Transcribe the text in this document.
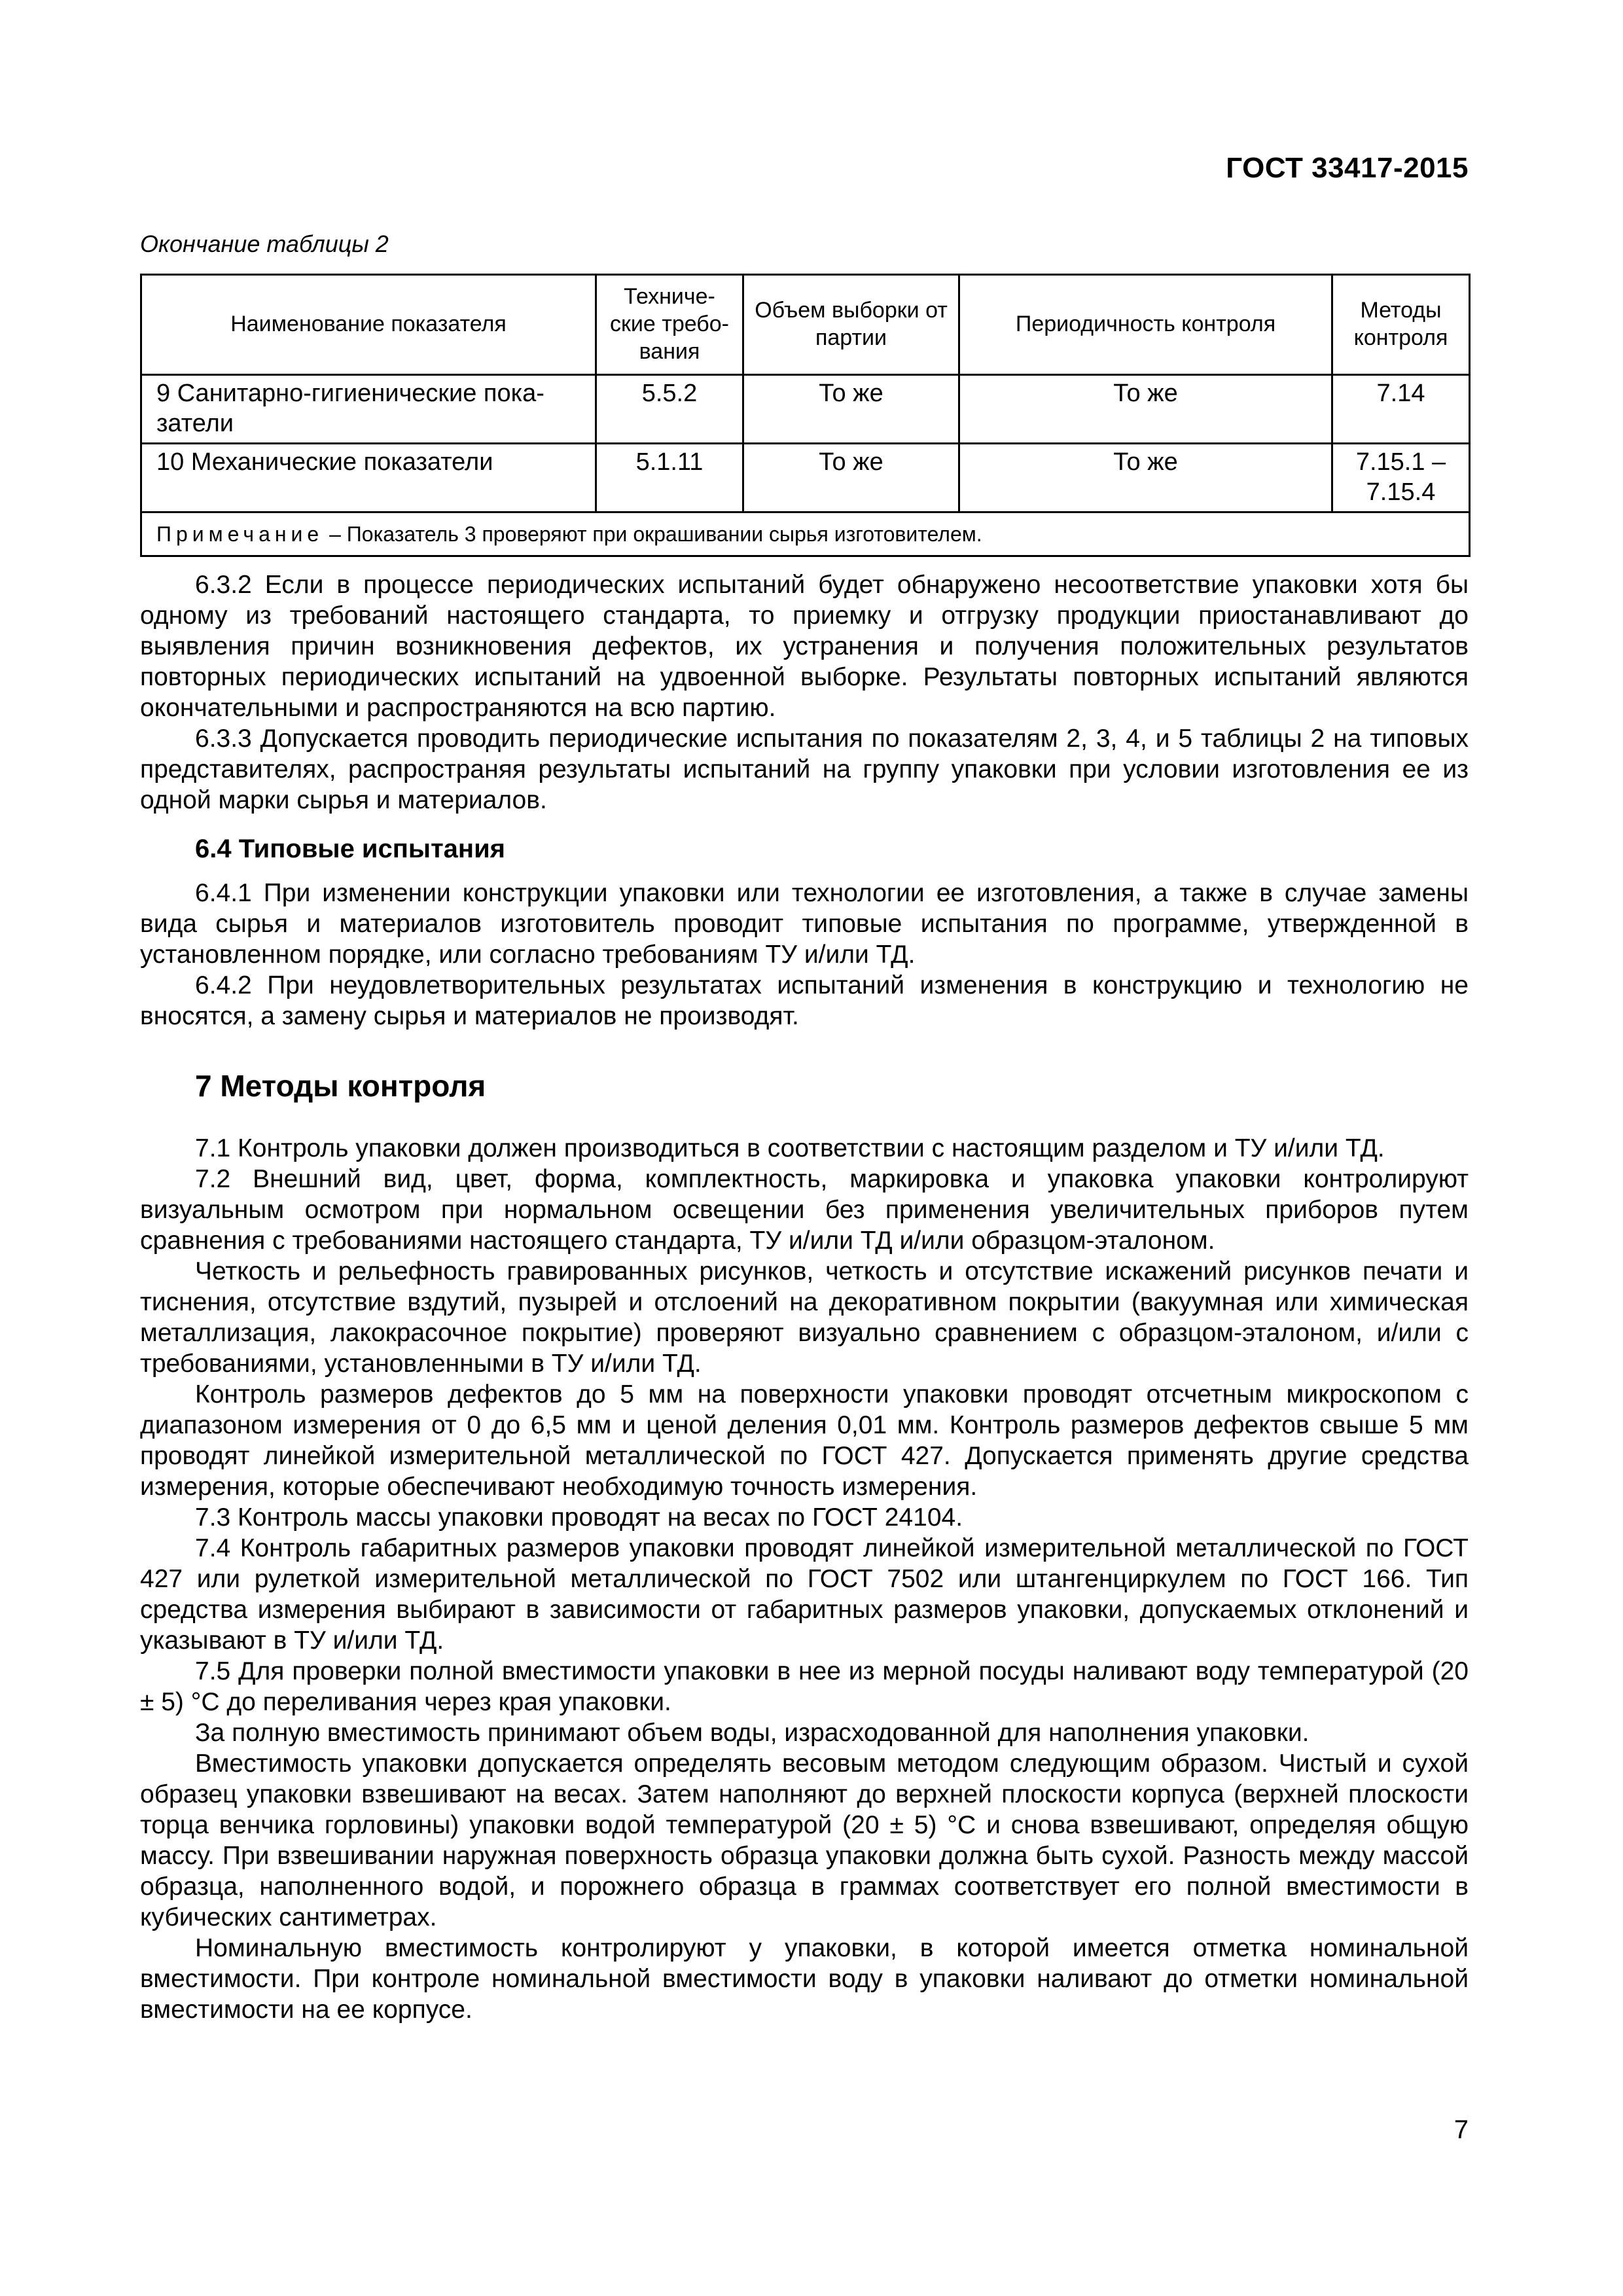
ГОСТ 33417-2015
Окончание таблицы 2
Наименование показателя	Техниче-ские требо-вания	Объем выборки от партии	Периодичность контроля	Методы контроля
9 Санитарно-гигиенические пока-затели	5.5.2	То же	То же	7.14
10 Механические показатели	5.1.11	То же	То же	7.15.1 – 7.15.4
Примечание – Показатель 3 проверяют при окрашивании сырья изготовителем.				

6.3.2 Если в процессе периодических испытаний будет обнаружено несоответствие упаковки хотя бы одному из требований настоящего стандарта, то приемку и отгрузку продукции приостанавливают до выявления причин возникновения дефектов, их устранения и получения положительных результатов повторных периодических испытаний на удвоенной выборке. Результаты повторных испытаний являются окончательными и распространяются на всю партию.

6.3.3 Допускается проводить периодические испытания по показателям 2, 3, 4, и 5 таблицы 2 на типовых представителях, распространяя результаты испытаний на группу упаковки при условии изготовления ее из одной марки сырья и материалов.

6.4 Типовые испытания

6.4.1 При изменении конструкции упаковки или технологии ее изготовления, а также в случае замены вида сырья и материалов изготовитель проводит типовые испытания по программе, утвержденной в установленном порядке, или согласно требованиям ТУ и/или ТД.

6.4.2 При неудовлетворительных результатах испытаний изменения в конструкцию и технологию не вносятся, а замену сырья и материалов не производят.

7 Методы контроля

7.1 Контроль упаковки должен производиться в соответствии с настоящим разделом и ТУ и/или ТД.

7.2 Внешний вид, цвет, форма, комплектность, маркировка и упаковка упаковки контролируют визуальным осмотром при нормальном освещении без применения увеличительных приборов путем сравнения с требованиями настоящего стандарта, ТУ и/или ТД и/или образцом-эталоном.

Четкость и рельефность гравированных рисунков, четкость и отсутствие искажений рисунков печати и тиснения, отсутствие вздутий, пузырей и отслоений на декоративном покрытии (вакуумная или химическая металлизация, лакокрасочное покрытие) проверяют визуально сравнением с образцом-эталоном, и/или с требованиями, установленными в ТУ и/или ТД.

Контроль размеров дефектов до 5 мм на поверхности упаковки проводят отсчетным микроскопом с диапазоном измерения от 0 до 6,5 мм и ценой деления 0,01 мм. Контроль размеров дефектов свыше 5 мм проводят линейкой измерительной металлической по ГОСТ 427. Допускается применять другие средства измерения, которые обеспечивают необходимую точность измерения.

7.3 Контроль массы упаковки проводят на весах по ГОСТ 24104.

7.4 Контроль габаритных размеров упаковки проводят линейкой измерительной металлической по ГОСТ 427 или рулеткой измерительной металлической по ГОСТ 7502 или штангенциркулем по ГОСТ 166. Тип средства измерения выбирают в зависимости от габаритных размеров упаковки, допускаемых отклонений и указывают в ТУ и/или ТД.

7.5 Для проверки полной вместимости упаковки в нее из мерной посуды наливают воду температурой (20 ± 5) °С до переливания через края упаковки.

За полную вместимость принимают объем воды, израсходованной для наполнения упаковки.

Вместимость упаковки допускается определять весовым методом следующим образом. Чистый и сухой образец упаковки взвешивают на весах. Затем наполняют до верхней плоскости корпуса (верхней плоскости торца венчика горловины) упаковки водой температурой (20 ± 5) °С и снова взвешивают, определяя общую массу. При взвешивании наружная поверхность образца упаковки должна быть сухой. Разность между массой образца, наполненного водой, и порожнего образца в граммах соответствует его полной вместимости в кубических сантиметрах.

Номинальную вместимость контролируют у упаковки, в которой имеется отметка номинальной вместимости. При контроле номинальной вместимости воду в упаковки наливают до отметки номинальной вместимости на ее корпусе.

7
